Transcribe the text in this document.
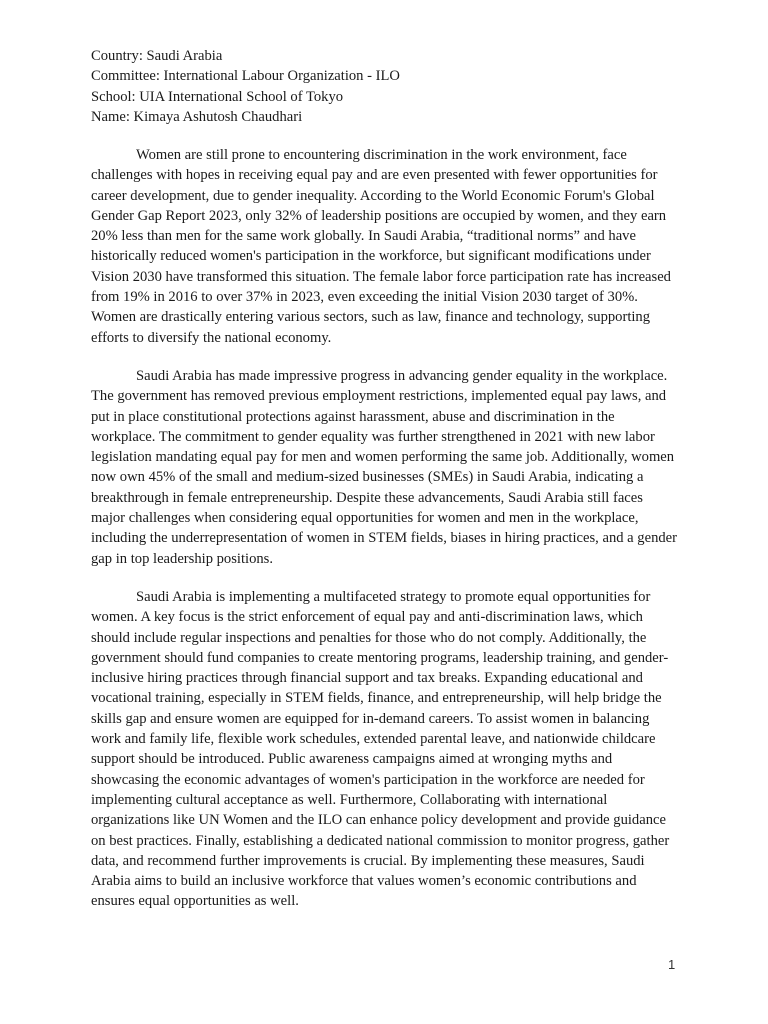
Country: Saudi Arabia
Committee: International Labour Organization - ILO
School: UIA International School of Tokyo
Name: Kimaya Ashutosh Chaudhari

Women are still prone to encountering discrimination in the work environment, face challenges with hopes in receiving equal pay and are even presented with fewer opportunities for career development, due to gender inequality. According to the World Economic Forum's Global Gender Gap Report 2023, only 32% of leadership positions are occupied by women, and they earn 20% less than men for the same work globally. In Saudi Arabia, “traditional norms” and have historically reduced women's participation in the workforce, but significant modifications under Vision 2030 have transformed this situation. The female labor force participation rate has increased from 19% in 2016 to over 37% in 2023, even exceeding the initial Vision 2030 target of 30%. Women are drastically entering various sectors, such as law, finance and technology, supporting efforts to diversify the national economy.

Saudi Arabia has made impressive progress in advancing gender equality in the workplace. The government has removed previous employment restrictions, implemented equal pay laws, and put in place constitutional protections against harassment, abuse and discrimination in the workplace. The commitment to gender equality was further strengthened in 2021 with new labor legislation mandating equal pay for men and women performing the same job. Additionally, women now own 45% of the small and medium-sized businesses (SMEs) in Saudi Arabia, indicating a breakthrough in female entrepreneurship. Despite these advancements, Saudi Arabia still faces major challenges when considering equal opportunities for women and men in the workplace, including the underrepresentation of women in STEM fields, biases in hiring practices, and a gender gap in top leadership positions.

Saudi Arabia is implementing a multifaceted strategy to promote equal opportunities for women. A key focus is the strict enforcement of equal pay and anti-discrimination laws, which should include regular inspections and penalties for those who do not comply. Additionally, the government should fund companies to create mentoring programs, leadership training, and gender-inclusive hiring practices through financial support and tax breaks. Expanding educational and vocational training, especially in STEM fields, finance, and entrepreneurship, will help bridge the skills gap and ensure women are equipped for in-demand careers. To assist women in balancing work and family life, flexible work schedules, extended parental leave, and nationwide childcare support should be introduced. Public awareness campaigns aimed at wronging myths and showcasing the economic advantages of women's participation in the workforce are needed for implementing cultural acceptance as well. Furthermore, Collaborating with international organizations like UN Women and the ILO can enhance policy development and provide guidance on best practices. Finally, establishing a dedicated national commission to monitor progress, gather data, and recommend further improvements is crucial. By implementing these measures, Saudi Arabia aims to build an inclusive workforce that values women’s economic contributions and ensures equal opportunities as well.

1
